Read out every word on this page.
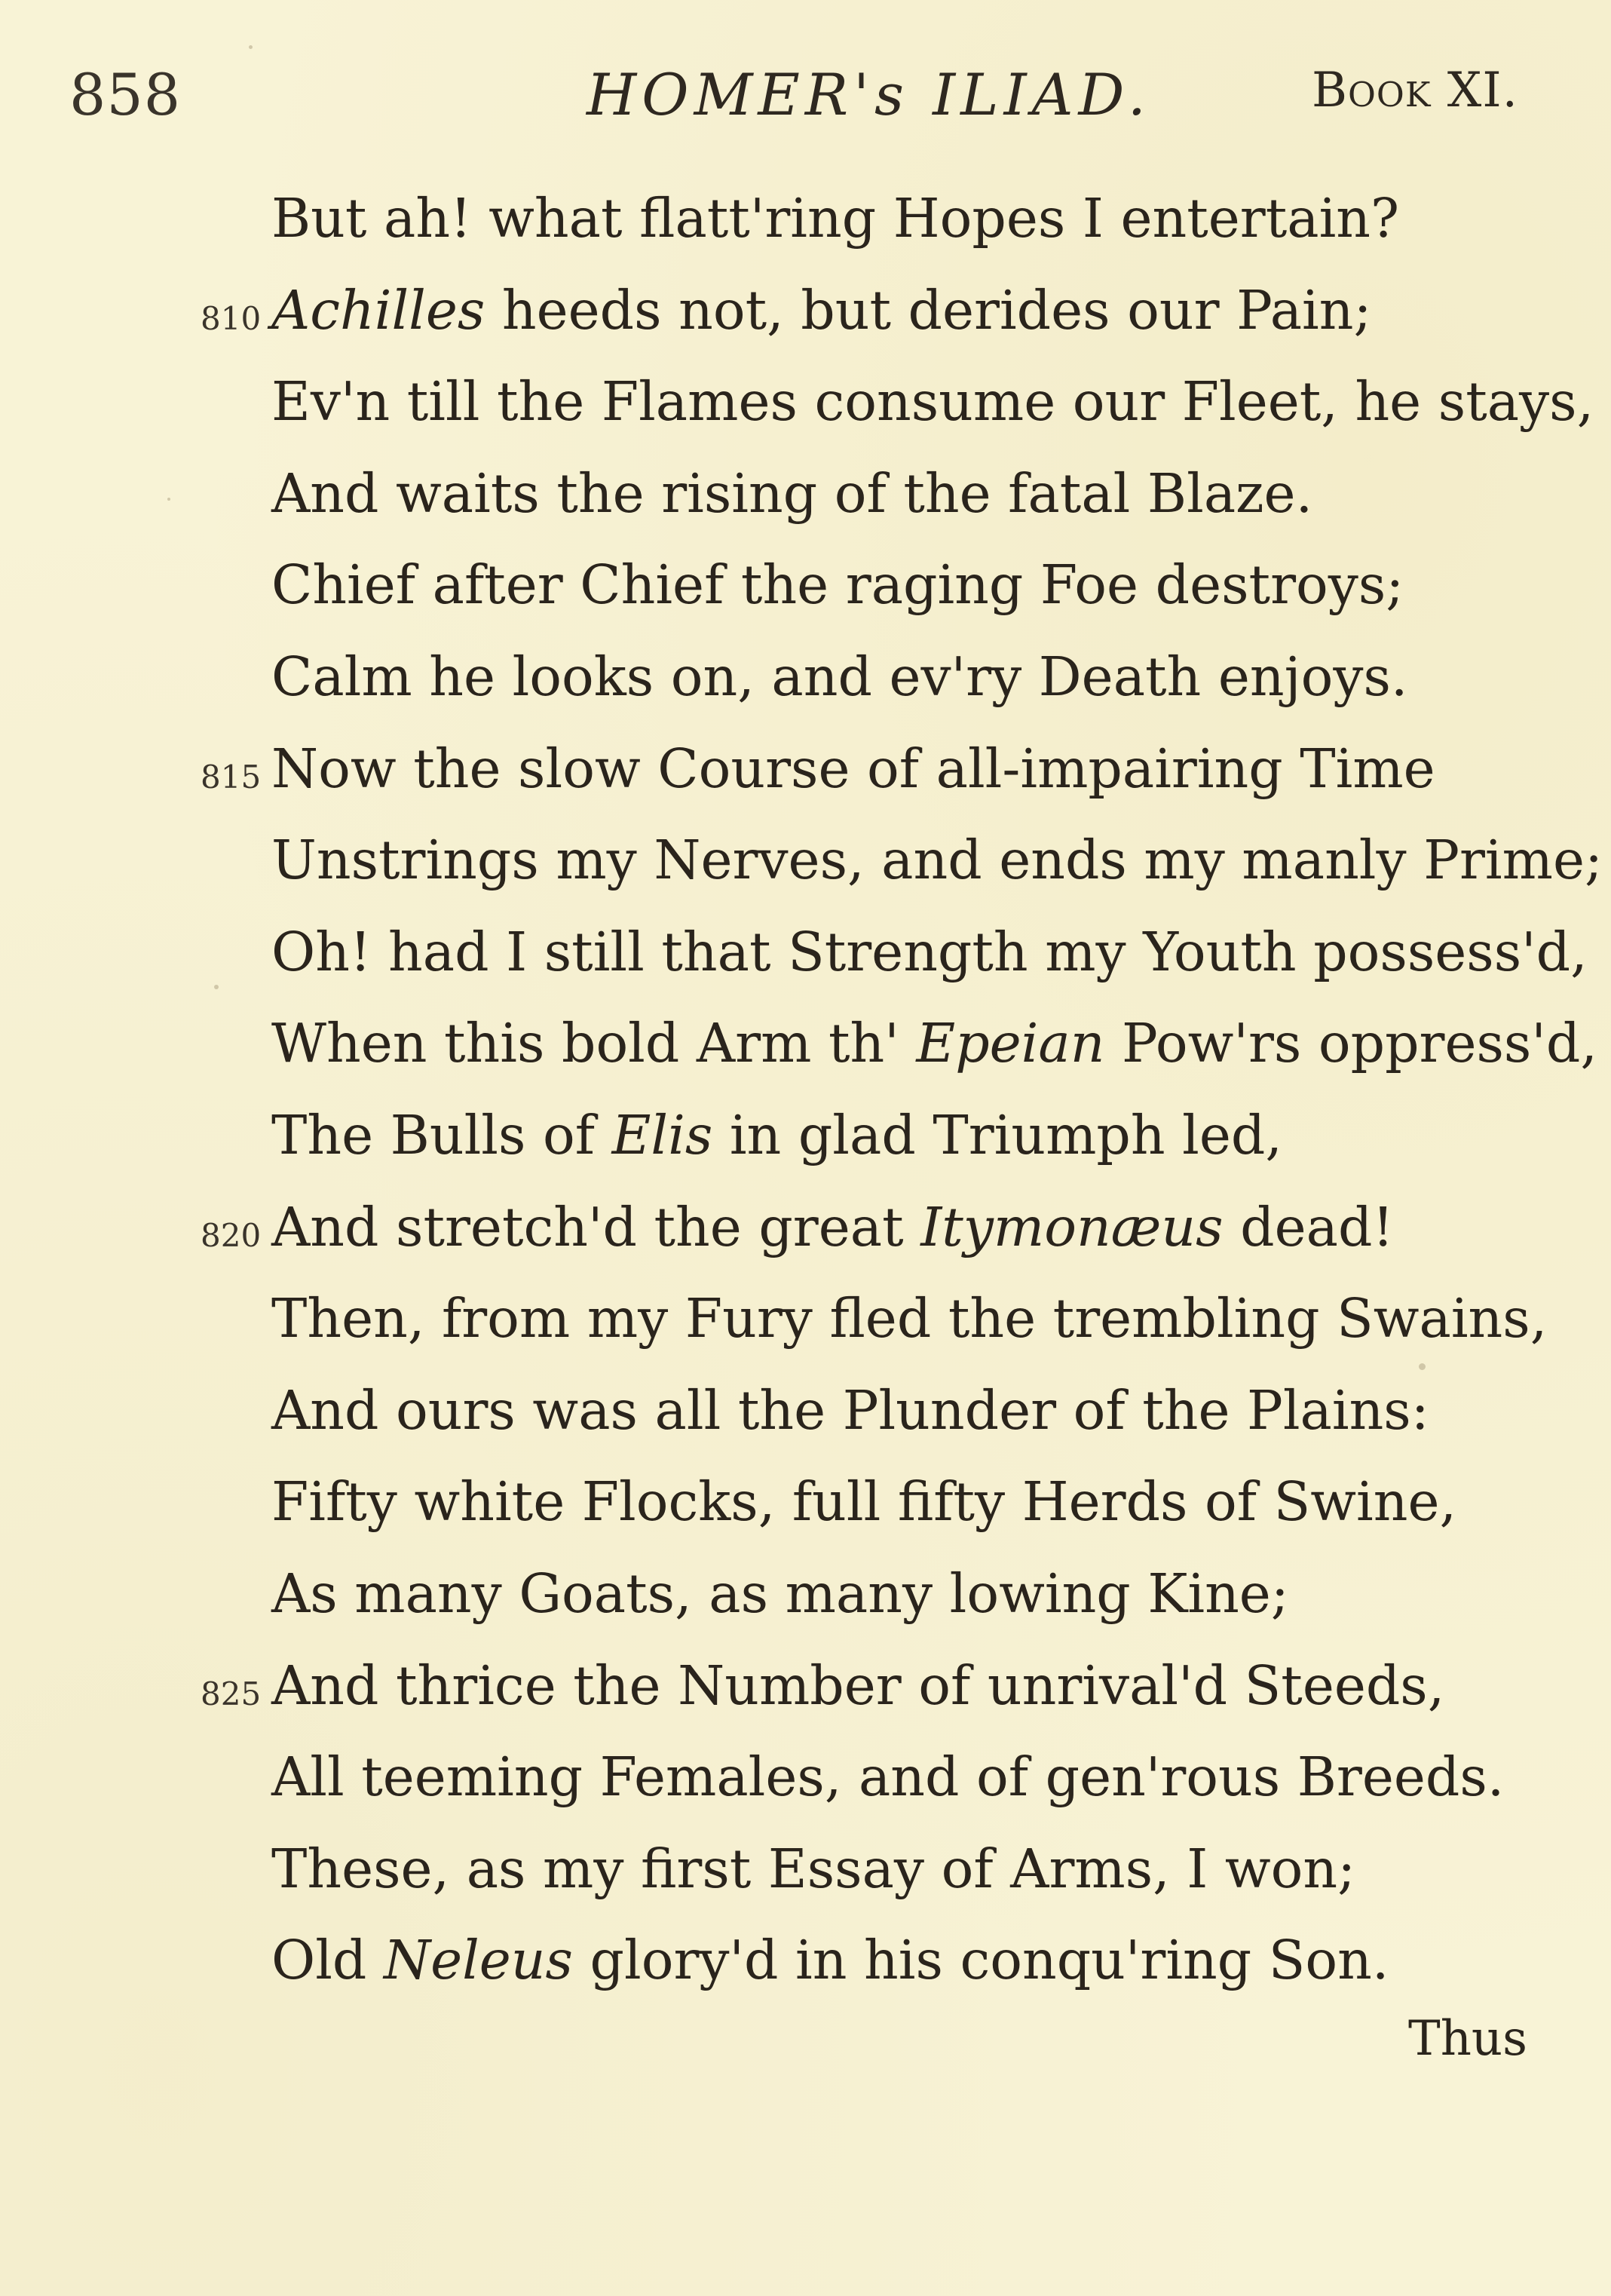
858	HOMER's ILIAD.	Book XI.
But ah! what flatt'ring Hopes I entertain?
Achilles heeds not, but derides our Pain;
Ev'n till the Flames consume our Fleet, he stays,
And waits the rising of the fatal Blaze.
Chief after Chief the raging Foe destroys;
Calm he looks on, and ev'ry Death enjoys.
Now the slow Course of all-impairing Time
Unstrings my Nerves, and ends my manly Prime;
Oh! had I still that Strength my Youth possess'd,
When this bold Arm th' Epeian Pow'rs oppress'd,
The Bulls of Elis in glad Triumph led,
And stretch'd the great Itymonæus dead!
Then, from my Fury fled the trembling Swains,
And ours was all the Plunder of the Plains:
Fifty white Flocks, full fifty Herds of Swine,
As many Goats, as many lowing Kine;
And thrice the Number of unrival'd Steeds,
All teeming Females, and of gen'rous Breeds.
These, as my first Essay of Arms, I won;
Old Neleus glory'd in his conqu'ring Son.
810
815
820
825
Thus
